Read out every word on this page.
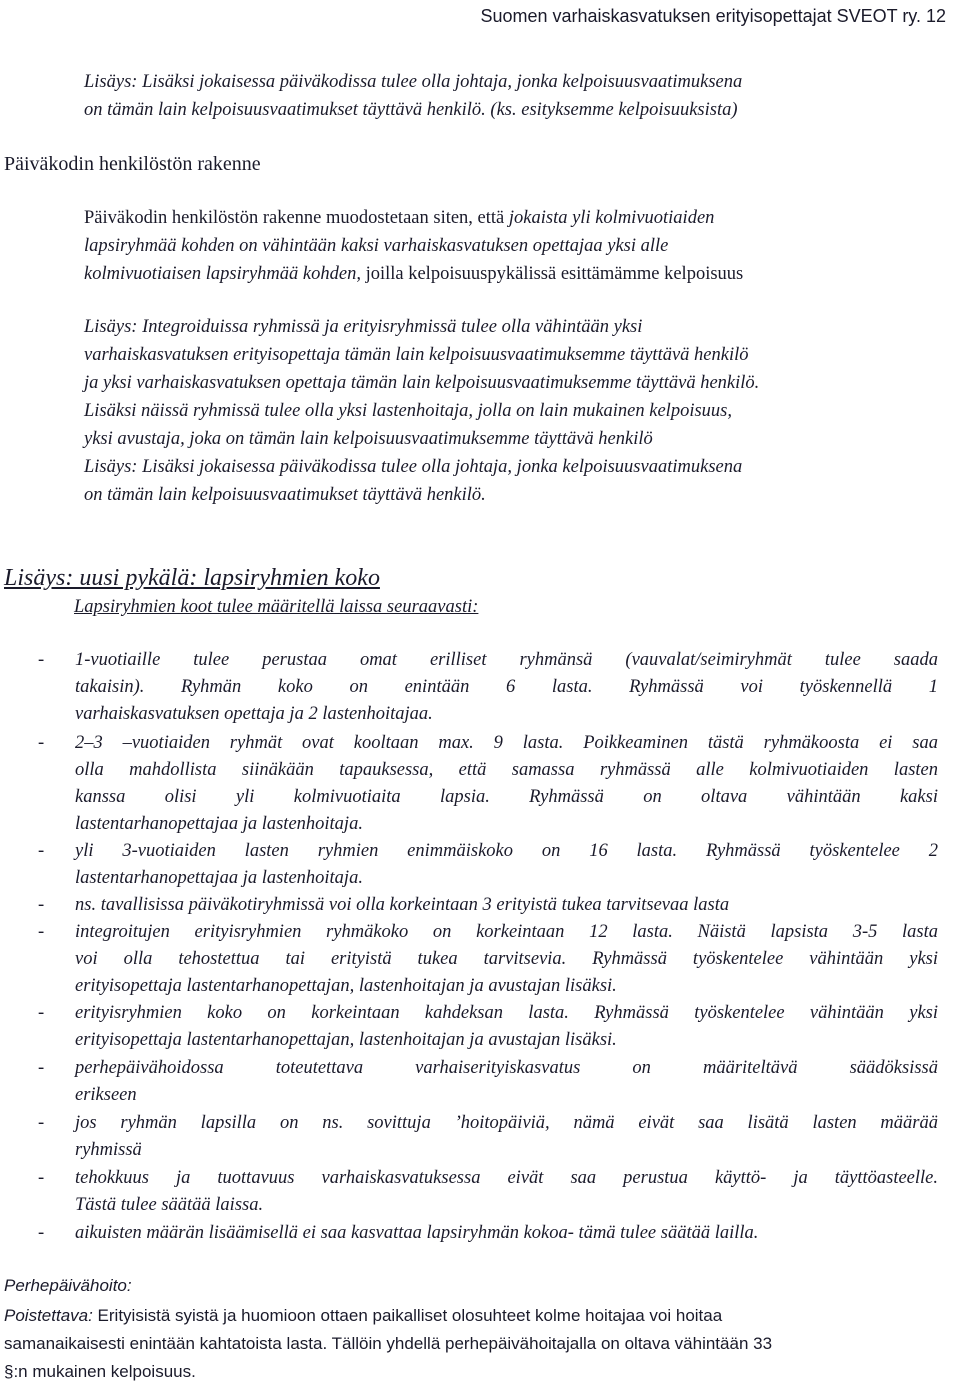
Suomen varhaiskasvatuksen erityisopettajat SVEOT ry. 12
Lisäys: Lisäksi jokaisessa päiväkodissa tulee olla johtaja, jonka kelpoisuusvaatimuksena
on tämän lain kelpoisuusvaatimukset täyttävä henkilö. (ks. esityksemme kelpoisuuksista)
Päiväkodin henkilöstön rakenne
Päiväkodin henkilöstön rakenne muodostetaan siten, että jokaista yli kolmivuotiaiden
lapsiryhmää kohden on vähintään kaksi varhaiskasvatuksen opettajaa yksi alle
kolmivuotiaisen lapsiryhmää kohden, joilla kelpoisuuspykälissä esittämämme kelpoisuus
Lisäys: Integroiduissa ryhmissä ja erityisryhmissä tulee olla vähintään yksi
varhaiskasvatuksen erityisopettaja tämän lain kelpoisuusvaatimuksemme täyttävä henkilö
ja yksi varhaiskasvatuksen opettaja tämän lain kelpoisuusvaatimuksemme täyttävä henkilö.
Lisäksi näissä ryhmissä tulee olla yksi lastenhoitaja, jolla on lain mukainen kelpoisuus,
yksi avustaja, joka on tämän lain kelpoisuusvaatimuksemme täyttävä henkilö
Lisäys: Lisäksi jokaisessa päiväkodissa tulee olla johtaja, jonka kelpoisuusvaatimuksena
on tämän lain kelpoisuusvaatimukset täyttävä henkilö.
Lisäys: uusi pykälä: lapsiryhmien koko
Lapsiryhmien koot tulee määritellä laissa seuraavasti:
- 1-vuotiaille tulee perustaa omat erilliset ryhmänsä (vauvalat/seimiryhmät tulee saada
takaisin). Ryhmän koko on enintään 6 lasta. Ryhmässä voi työskennellä 1
varhaiskasvatuksen opettaja ja 2 lastenhoitajaa.
- 2–3 –vuotiaiden ryhmät ovat kooltaan max. 9 lasta. Poikkeaminen tästä ryhmäkoosta ei saa
olla mahdollista siinäkään tapauksessa, että samassa ryhmässä alle kolmivuotiaiden lasten
kanssa olisi yli kolmivuotiaita lapsia. Ryhmässä on oltava vähintään kaksi
lastentarhanopettajaa ja lastenhoitaja.
- yli 3-vuotiaiden lasten ryhmien enimmäiskoko on 16 lasta. Ryhmässä työskentelee 2
lastentarhanopettajaa ja lastenhoitaja.
- ns. tavallisissa päiväkotiryhmissä voi olla korkeintaan 3 erityistä tukea tarvitsevaa lasta
- integroitujen erityisryhmien ryhmäkoko on korkeintaan 12 lasta. Näistä lapsista 3-5 lasta
voi olla tehostettua tai erityistä tukea tarvitsevia. Ryhmässä työskentelee vähintään yksi
erityisopettaja lastentarhanopettajan, lastenhoitajan ja avustajan lisäksi.
- erityisryhmien koko on korkeintaan kahdeksan lasta. Ryhmässä työskentelee vähintään yksi
erityisopettaja lastentarhanopettajan, lastenhoitajan ja avustajan lisäksi.
- perhepäivähoidossa toteutettava varhaiserityiskasvatus on määriteltävä säädöksissä
erikseen
- jos ryhmän lapsilla on ns. sovittuja ’hoitopäiviä, nämä eivät saa lisätä lasten määrää
ryhmissä
- tehokkuus ja tuottavuus varhaiskasvatuksessa eivät saa perustua käyttö- ja täyttöasteelle.
Tästä tulee säätää laissa.
- aikuisten määrän lisäämisellä ei saa kasvattaa lapsiryhmän kokoa- tämä tulee säätää lailla.
Perhepäivähoito:
Poistettava: Erityisistä syistä ja huomioon ottaen paikalliset olosuhteet kolme hoitajaa voi hoitaa
samanaikaisesti enintään kahtatoista lasta. Tällöin yhdellä perhepäivähoitajalla on oltava vähintään 33
§:n mukainen kelpoisuus.
